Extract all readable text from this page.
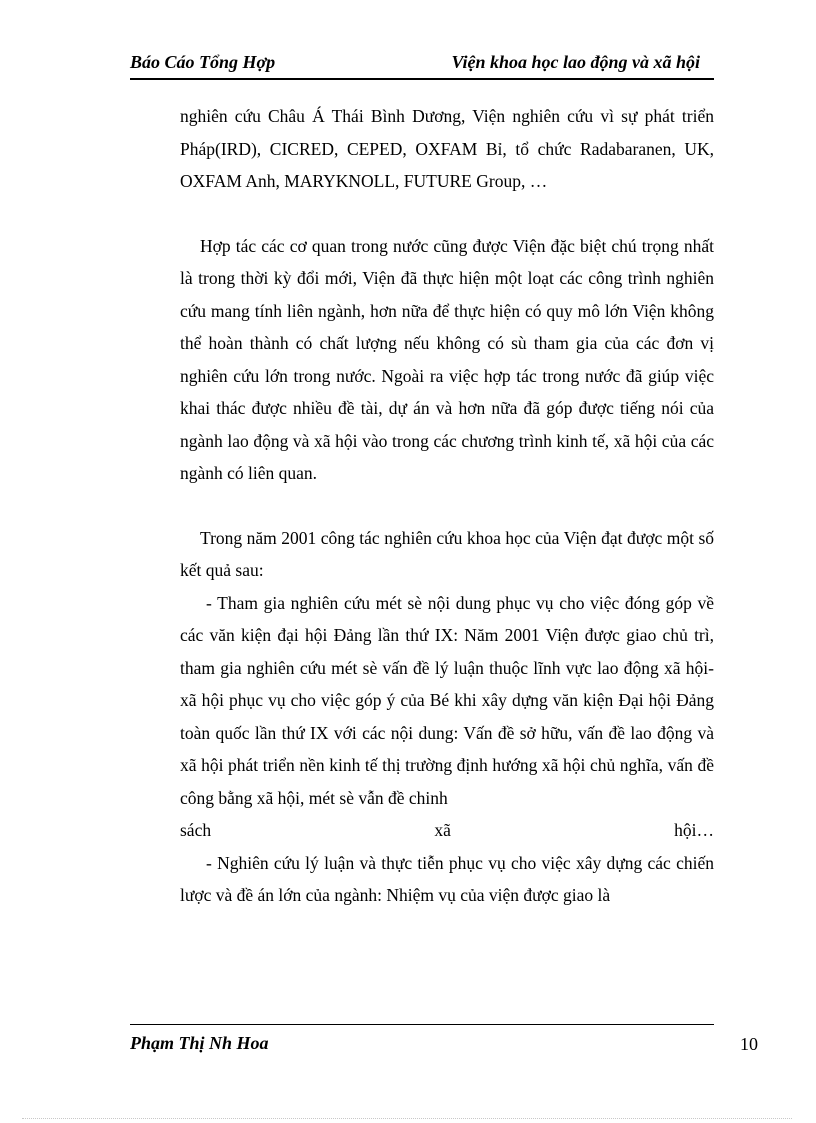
Báo Cáo Tổng Hợp	Viện khoa học lao động và xã hội

nghiên cứu Châu Á Thái Bình Dương, Viện nghiên cứu vì sự phát triển Pháp(IRD), CICRED, CEPED, OXFAM Bỉ, tổ chức Radabaranen, UK, OXFAM Anh, MARYKNOLL, FUTURE Group, …

Hợp tác các cơ quan trong nước cũng được Viện đặc biệt chú trọng nhất là trong thời kỳ đổi mới, Viện đã thực hiện một loạt các công trình nghiên cứu mang tính liên ngành, hơn nữa để thực hiện có quy mô lớn Viện không thể hoàn thành có chất lượng nếu không có sù tham gia của các đơn vị nghiên cứu lớn trong nước. Ngoài ra việc hợp tác trong nước đã giúp việc khai thác được nhiều đề tài, dự án và hơn nữa đã góp được tiếng nói của ngành lao động và xã hội vào trong các chương trình kinh tế, xã hội của các ngành có liên quan.

Trong năm 2001 công tác nghiên cứu khoa học của Viện đạt được một số kết quả sau:

- Tham gia nghiên cứu mét sè nội dung phục vụ cho việc đóng góp về các văn kiện đại hội Đảng lần thứ IX: Năm 2001 Viện được giao chủ trì, tham gia nghiên cứu mét sè vấn đề lý luận thuộc lĩnh vực lao động xã hội- xã hội phục vụ cho việc góp ý của Bé khi xây dựng văn kiện Đại hội Đảng toàn quốc lần thứ IX với các nội dung: Vấn đề sở hữu, vấn đề lao động và xã hội phát triển nền kinh tế thị trường định hướng xã hội chủ nghĩa, vấn đề công bằng xã hội, mét sè vẫn đề chinh

sách	xã	hội…

- Nghiên cứu lý luận và thực tiễn phục vụ cho việc xây dựng các chiến lược và đề án lớn của ngành: Nhiệm vụ của viện được giao là

Phạm Thị Nh Hoa	10
